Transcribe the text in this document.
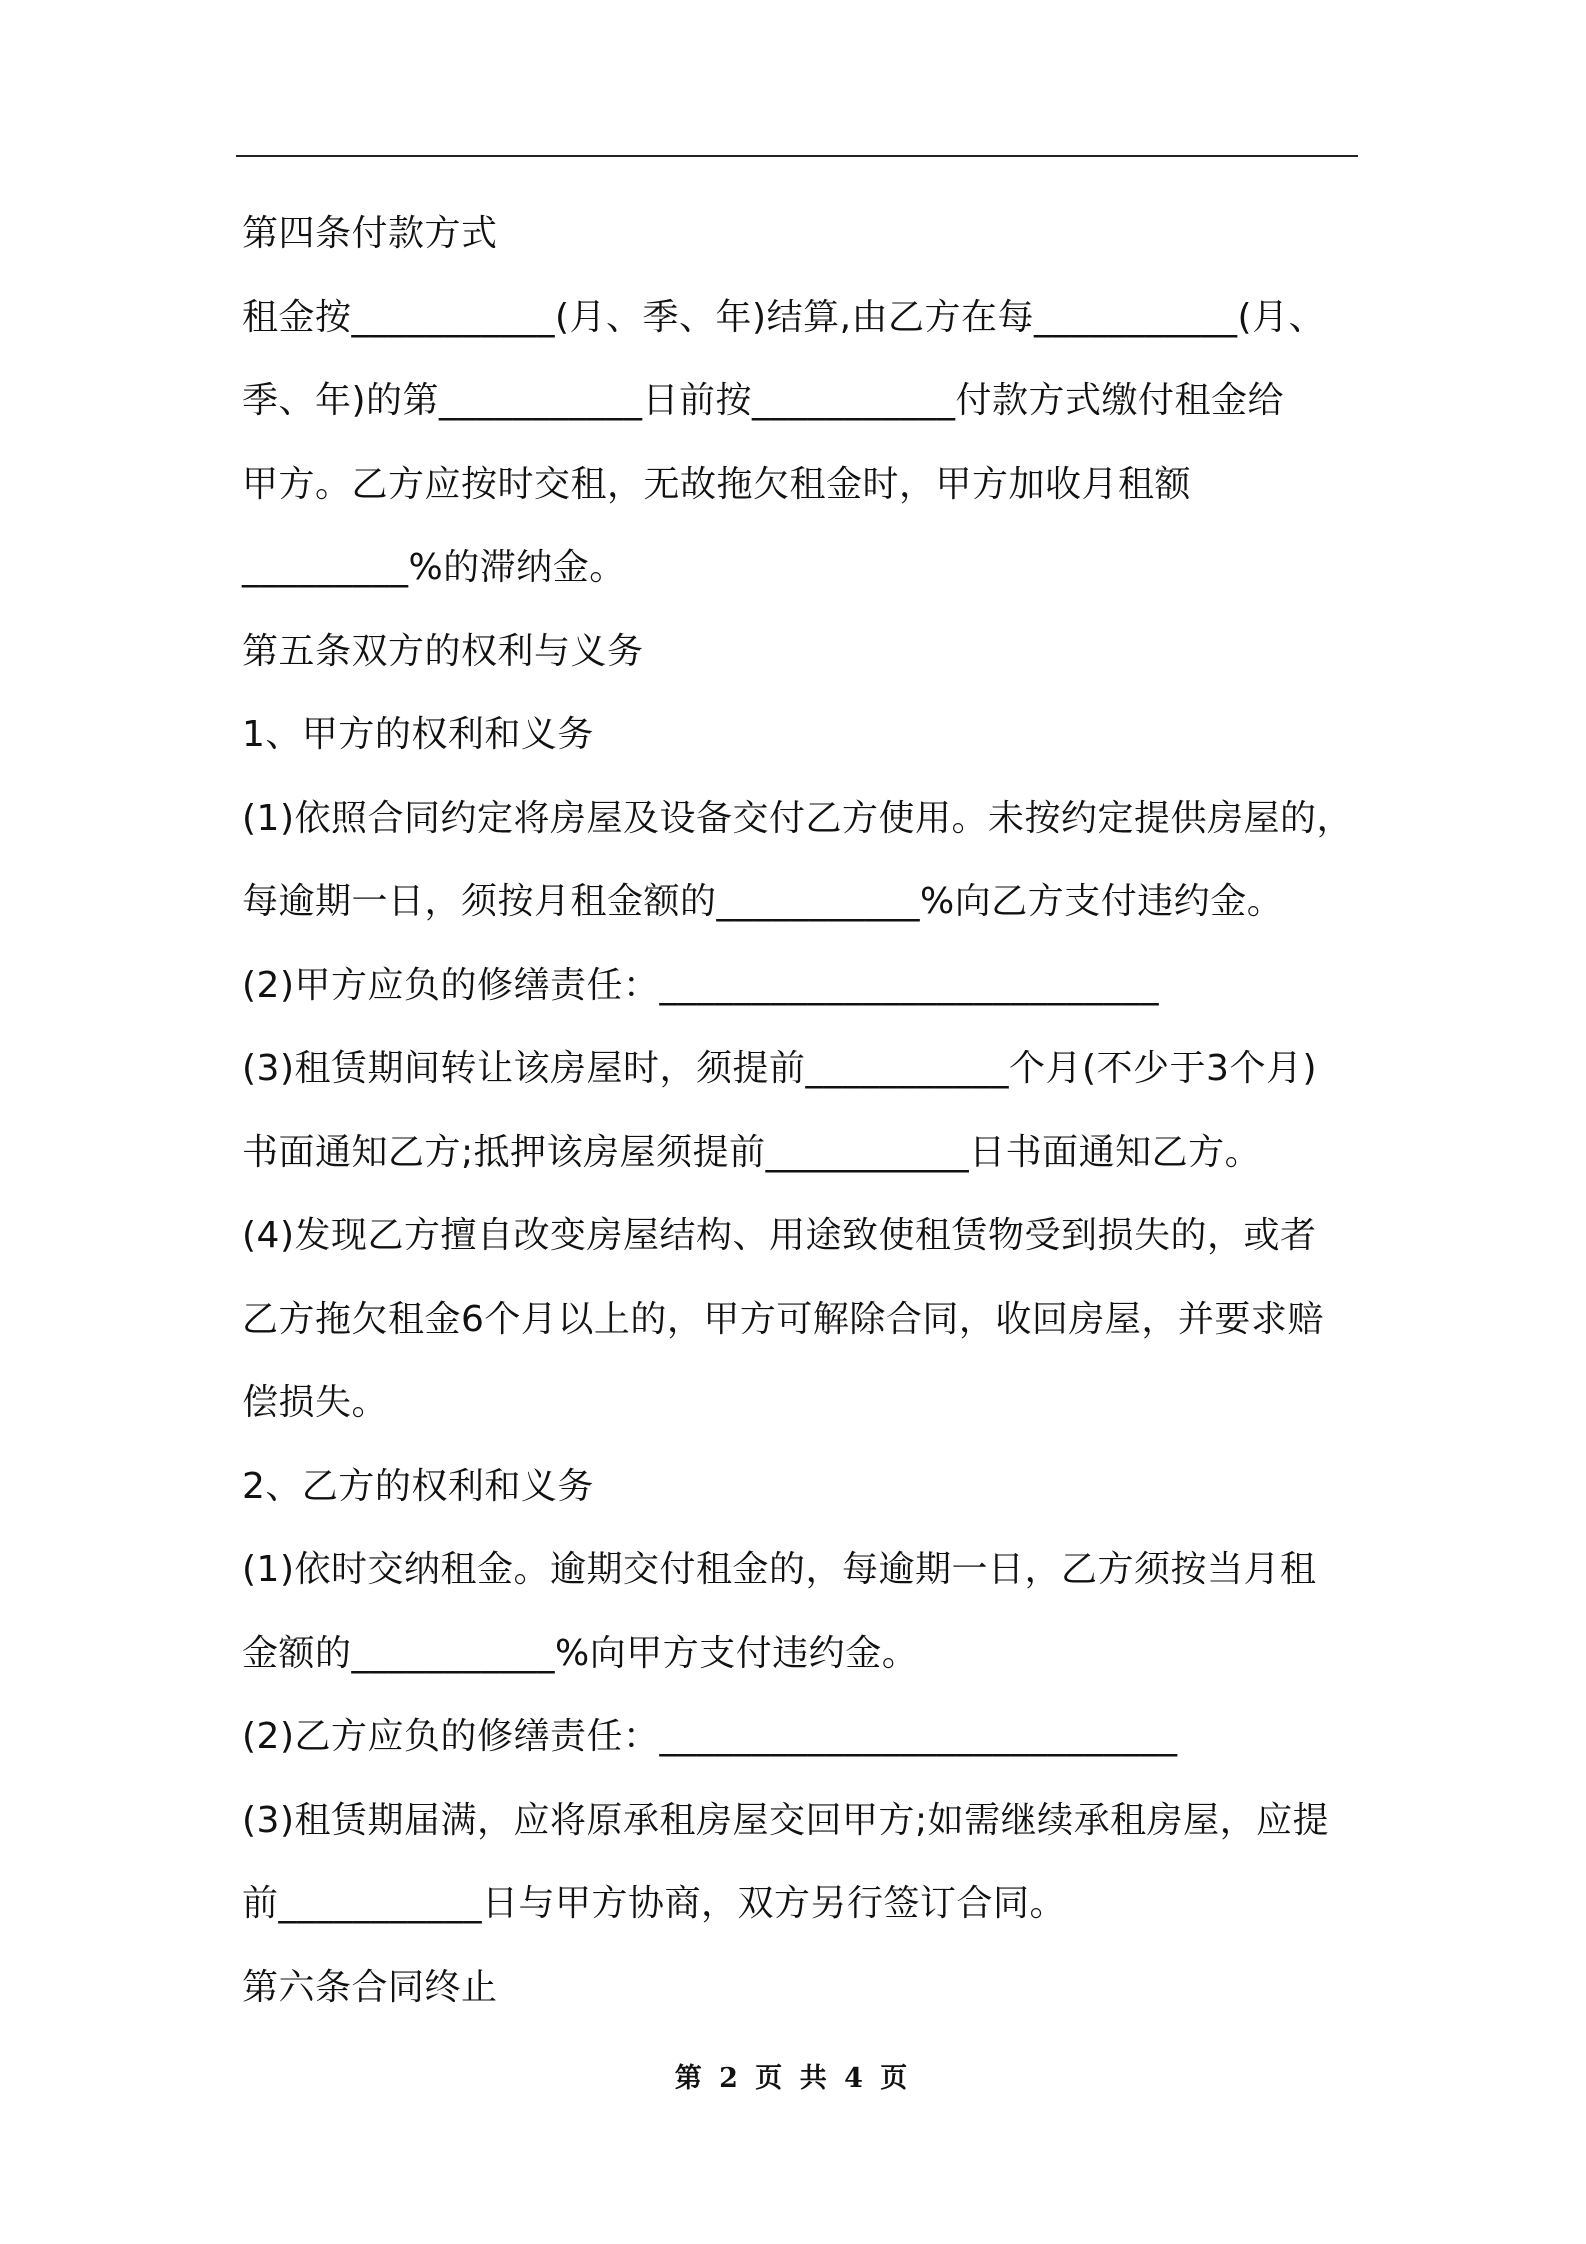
第四条付款方式

租金按___________(月、季、年)结算,由乙方在每___________(月、

季、年)的第___________日前按___________付款方式缴付租金给

甲方。乙方应按时交租，无故拖欠租金时，甲方加收月租额

_________%的滞纳金。

第五条双方的权利与义务

1、甲方的权利和义务

(1)依照合同约定将房屋及设备交付乙方使用。未按约定提供房屋的，

每逾期一日，须按月租金额的___________%向乙方支付违约金。

(2)甲方应负的修缮责任：___________________________

(3)租赁期间转让该房屋时，须提前___________个月(不少于3个月)

书面通知乙方;抵押该房屋须提前___________日书面通知乙方。

(4)发现乙方擅自改变房屋结构、用途致使租赁物受到损失的，或者

乙方拖欠租金6个月以上的，甲方可解除合同，收回房屋，并要求赔

偿损失。

2、乙方的权利和义务

(1)依时交纳租金。逾期交付租金的，每逾期一日，乙方须按当月租

金额的___________%向甲方支付违约金。

(2)乙方应负的修缮责任：____________________________

(3)租赁期届满，应将原承租房屋交回甲方;如需继续承租房屋，应提

前___________日与甲方协商，双方另行签订合同。

第六条合同终止

第 2 页 共 4 页
